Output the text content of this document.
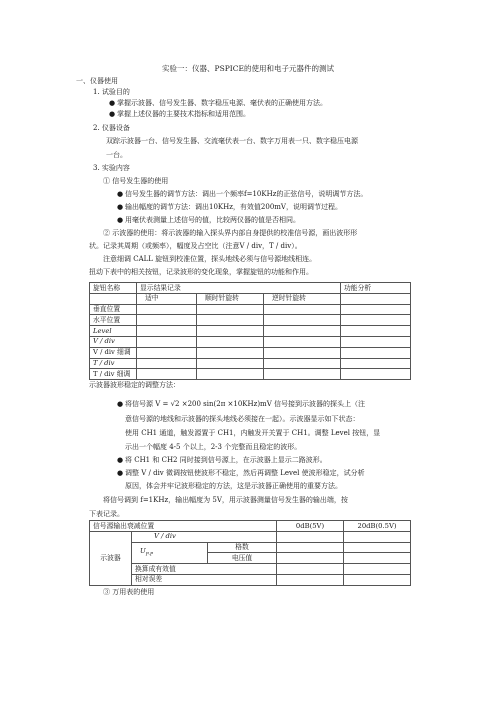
实验一：仪器、PSPICE的使用和电子元器件的测试
一、仪器使用
1. 试验目的
● 掌握示波器、信号发生器、数字稳压电源、毫伏表的正确使用方法。
● 掌握上述仪器的主要技术指标和适用范围。
2. 仪器设备
双踪示波器一台、信号发生器、交流毫伏表一台、数字万用表一只、数字稳压电源
一台。
3. 实验内容
① 信号发生器的使用
● 信号发生器的调节方法：调出一个频率f=10KHz的正弦信号，说明调节方法。
● 输出幅度的调节方法：调出10KHz，有效值200mV，说明调节过程。
● 用毫伏表测量上述信号的值，比较两仪器的值是否相同。
② 示波器的使用：将示波器的输入探头界内部自身提供的校准信号源，画出波形形
状。记录其周期（或频率），幅度及占空比（注意V / div，T / div）。
注意细调 CALL 旋钮到校准位置，探头地线必须与信号源地线相连。
扭动下表中的相关按钮，记录波形的变化现象，掌握旋钮的功能和作用。
旋钮名称	显示结果记录			功能分析
	适中	顺时针旋转	逆时针旋转	
垂直位置				
水平位置				
Level				
V / div				
V / div 细调				
T / div				
T / div 细调				
示波器波形稳定的调整方法：
● 将信号源 V = √2 ×200 sin(2π ×10KHz)mV 信号接到示波器的探头上（注
意信号源的地线和示波器的探头地线必须接在一起）。示波器显示如下状态：
使用 CH1 通道，触发源置于 CH1，内触发开关置于 CH1。调整 Level 按钮，显
示出一个幅度 4-5 个以上，2-3 个完整而且稳定的波形。
● 将 CH1 和 CH2 同时接到信号源上，在示波器上显示二路波形。
● 调整 V / div 微调按钮使波形不稳定，然后再调整 Level 使波形稳定，试分析
原因，体会并牢记波形稳定的方法，这是示波器正确使用的重要方法。
将信号调到 f=1KHz，输出幅度为 5V，用示波器测量信号发生器的输出端，按
下表记录。
信号源输出衰减位置			0dB(5V)	20dB(0.5V)
示波器	V / div			
	$U_{P-P}$	格数		
		电压值		
	换算成有效值			
	相对误差			
③ 万用表的使用
